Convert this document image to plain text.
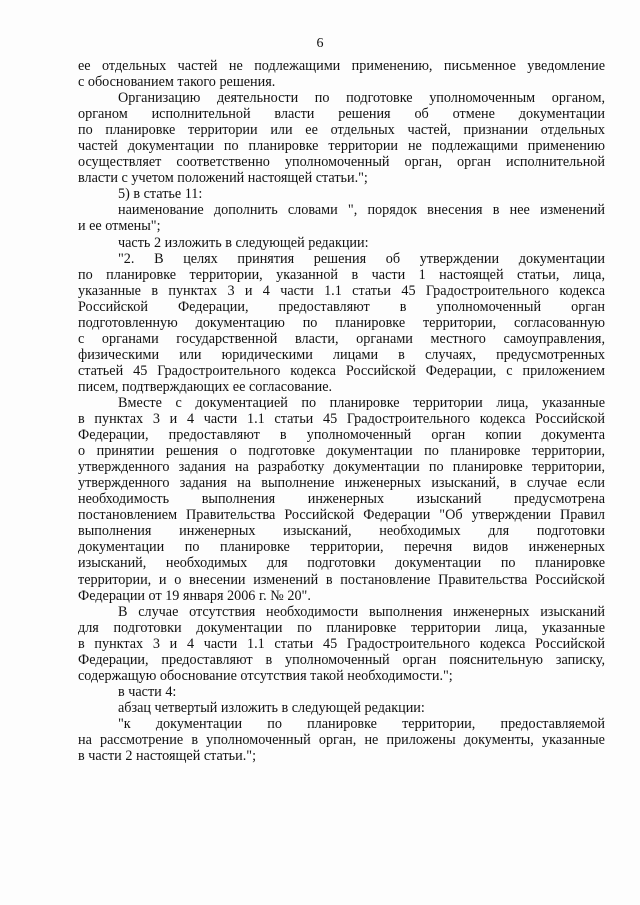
6
ее отдельных частей не подлежащими применению, письменное уведомление
с обоснованием такого решения.
Организацию деятельности по подготовке уполномоченным органом,
органом исполнительной власти решения об отмене документации
по планировке территории или ее отдельных частей, признании отдельных
частей документации по планировке территории не подлежащими применению
осуществляет соответственно уполномоченный орган, орган исполнительной
власти с учетом положений настоящей статьи.";
5) в статье 11:
наименование дополнить словами ", порядок внесения в нее изменений
и ее отмены";
часть 2 изложить в следующей редакции:
"2. В целях принятия решения об утверждении документации
по планировке территории, указанной в части 1 настоящей статьи, лица,
указанные в пунктах 3 и 4 части 1.1 статьи 45 Градостроительного кодекса
Российской Федерации, предоставляют в уполномоченный орган
подготовленную документацию по планировке территории, согласованную
с органами государственной власти, органами местного самоуправления,
физическими или юридическими лицами в случаях, предусмотренных
статьей 45 Градостроительного кодекса Российской Федерации, с приложением
писем, подтверждающих ее согласование.
Вместе с документацией по планировке территории лица, указанные
в пунктах 3 и 4 части 1.1 статьи 45 Градостроительного кодекса Российской
Федерации, предоставляют в уполномоченный орган копии документа
о принятии решения о подготовке документации по планировке территории,
утвержденного задания на разработку документации по планировке территории,
утвержденного задания на выполнение инженерных изысканий, в случае если
необходимость выполнения инженерных изысканий предусмотрена
постановлением Правительства Российской Федерации "Об утверждении Правил
выполнения инженерных изысканий, необходимых для подготовки
документации по планировке территории, перечня видов инженерных
изысканий, необходимых для подготовки документации по планировке
территории, и о внесении изменений в постановление Правительства Российской
Федерации от 19 января 2006 г. № 20".
В случае отсутствия необходимости выполнения инженерных изысканий
для подготовки документации по планировке территории лица, указанные
в пунктах 3 и 4 части 1.1 статьи 45 Градостроительного кодекса Российской
Федерации, предоставляют в уполномоченный орган пояснительную записку,
содержащую обоснование отсутствия такой необходимости.";
в части 4:
абзац четвертый изложить в следующей редакции:
"к документации по планировке территории, предоставляемой
на рассмотрение в уполномоченный орган, не приложены документы, указанные
в части 2 настоящей статьи.";
